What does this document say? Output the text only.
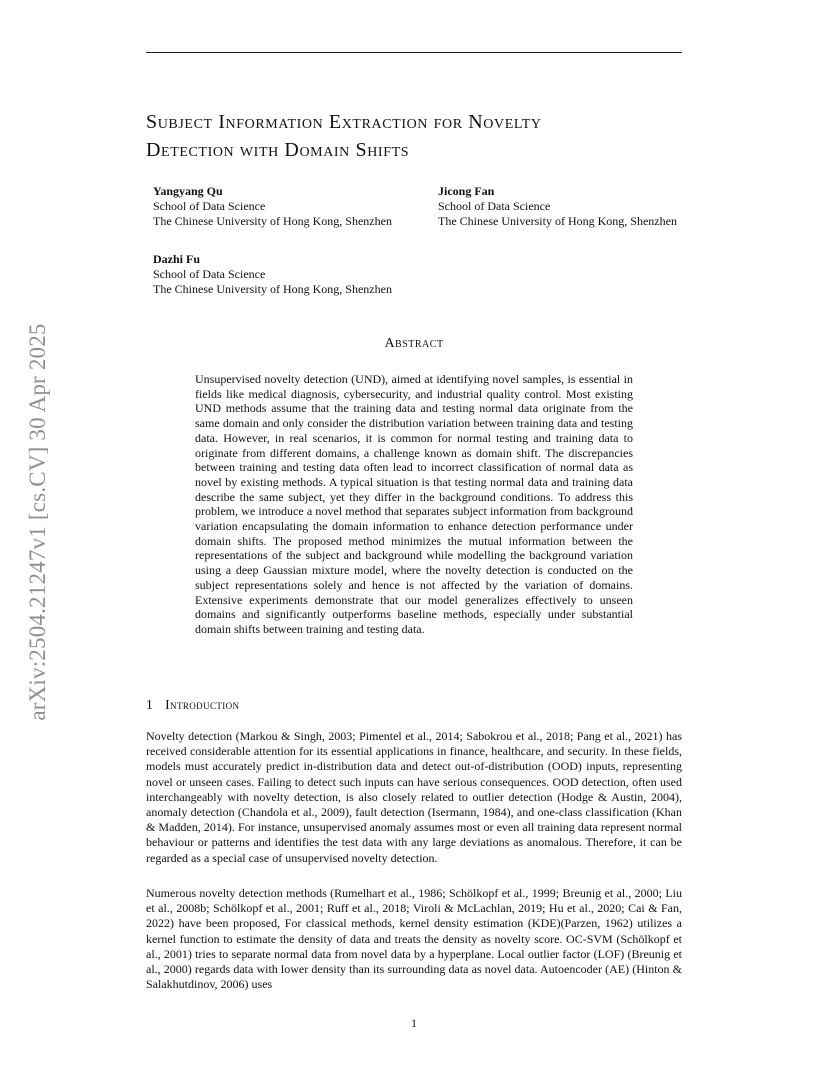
arXiv:2504.21247v1 [cs.CV] 30 Apr 2025
Subject Information Extraction for Novelty
Detection with Domain Shifts
Yangyang Qu
School of Data Science
The Chinese University of Hong Kong, Shenzhen
Jicong Fan
School of Data Science
The Chinese University of Hong Kong, Shenzhen
Dazhi Fu
School of Data Science
The Chinese University of Hong Kong, Shenzhen
Abstract

Unsupervised novelty detection (UND), aimed at identifying novel samples, is essential in fields like medical diagnosis, cybersecurity, and industrial quality control. Most existing UND methods assume that the training data and testing normal data originate from the same domain and only consider the distribution variation between training data and testing data. However, in real scenarios, it is common for normal testing and training data to originate from different domains, a challenge known as domain shift. The discrepancies between training and testing data often lead to incorrect classification of normal data as novel by existing methods. A typical situation is that testing normal data and training data describe the same subject, yet they differ in the background conditions. To address this problem, we introduce a novel method that separates subject information from background variation encapsulating the domain information to enhance detection performance under domain shifts. The proposed method minimizes the mutual information between the representations of the subject and background while modelling the background variation using a deep Gaussian mixture model, where the novelty detection is conducted on the subject representations solely and hence is not affected by the variation of domains. Extensive experiments demonstrate that our model generalizes effectively to unseen domains and significantly outperforms baseline methods, especially under substantial domain shifts between training and testing data.

1 Introduction

Novelty detection (Markou & Singh, 2003; Pimentel et al., 2014; Sabokrou et al., 2018; Pang et al., 2021) has received considerable attention for its essential applications in finance, healthcare, and security. In these fields, models must accurately predict in-distribution data and detect out-of-distribution (OOD) inputs, representing novel or unseen cases. Failing to detect such inputs can have serious consequences. OOD detection, often used interchangeably with novelty detection, is also closely related to outlier detection (Hodge & Austin, 2004), anomaly detection (Chandola et al., 2009), fault detection (Isermann, 1984), and one-class classification (Khan & Madden, 2014). For instance, unsupervised anomaly assumes most or even all training data represent normal behaviour or patterns and identifies the test data with any large deviations as anomalous. Therefore, it can be regarded as a special case of unsupervised novelty detection.

Numerous novelty detection methods (Rumelhart et al., 1986; Schölkopf et al., 1999; Breunig et al., 2000; Liu et al., 2008b; Schölkopf et al., 2001; Ruff et al., 2018; Viroli & McLachlan, 2019; Hu et al., 2020; Cai & Fan, 2022) have been proposed, For classical methods, kernel density estimation (KDE)(Parzen, 1962) utilizes a kernel function to estimate the density of data and treats the density as novelty score. OC-SVM (Schölkopf et al., 2001) tries to separate normal data from novel data by a hyperplane. Local outlier factor (LOF) (Breunig et al., 2000) regards data with lower density than its surrounding data as novel data. Autoencoder (AE) (Hinton & Salakhutdinov, 2006) uses

1
